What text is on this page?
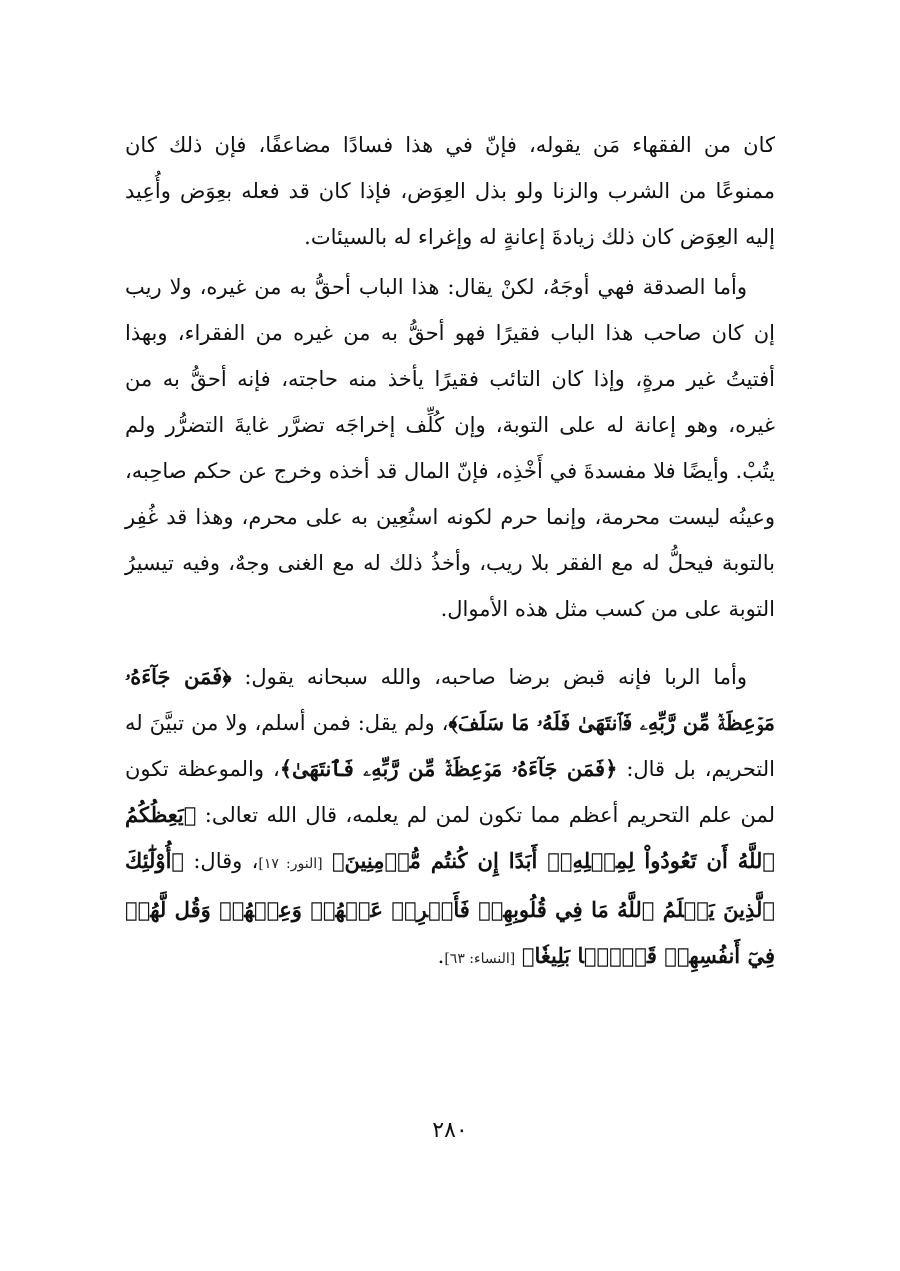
كان من الفقهاء مَن يقوله، فإنّ في هذا فسادًا مضاعفًا، فإن ذلك كان ممنوعًا من الشرب والزنا ولو بذل العِوَض، فإذا كان قد فعله بعِوَض وأُعِيد إليه العِوَض كان ذلك زيادةَ إعانةٍ له وإغراء له بالسيئات.

وأما الصدقة فهي أوجَهُ، لكنْ يقال: هذا الباب أحقُّ به من غيره، ولا ريب إن كان صاحب هذا الباب فقيرًا فهو أحقُّ به من غيره من الفقراء، وبهذا أفتيتُ غير مرةٍ، وإذا كان التائب فقيرًا يأخذ منه حاجته، فإنه أحقُّ به من غيره، وهو إعانة له على التوبة، وإن كُلِّف إخراجَه تضرَّر غايةَ التضرُّر ولم يتُبْ. وأيضًا فلا مفسدةَ في أَخْذِه، فإنّ المال قد أخذه وخرج عن حكم صاحِبه، وعينُه ليست محرمة، وإنما حرم لكونه استُعِين به على محرم، وهذا قد غُفِر بالتوبة فيحلُّ له مع الفقر بلا ريب، وأخذُ ذلك له مع الغنى وجهٌ، وفيه تيسيرُ التوبة على من كسب مثل هذه الأموال.

وأما الربا فإنه قبض برضا صاحبه، والله سبحانه يقول: ﴿فَمَن جَآءَهُۥ مَوۡعِظَةٞ مِّن رَّبِّهِۦ فَٱنتَهَىٰ فَلَهُۥ مَا سَلَفَ﴾، ولم يقل: فمن أسلم، ولا من تبيَّنَ له التحريم، بل قال: ﴿فَمَن جَآءَهُۥ مَوۡعِظَةٞ مِّن رَّبِّهِۦ فَٱنتَهَىٰ﴾، والموعظة تكون لمن علم التحريم أعظم مما تكون لمن لم يعلمه، قال الله تعالى: ﴿يَعِظُكُمُ ٱللَّهُ أَن تَعُودُواْ لِمِثۡلِهِۦٓ أَبَدًا إِن كُنتُم مُّؤۡمِنِينَ﴾ [النور: ١٧]، وقال: ﴿أُوْلَٰٓئِكَ ٱلَّذِينَ يَعۡلَمُ ٱللَّهُ مَا فِي قُلُوبِهِمۡ فَأَعۡرِضۡ عَنۡهُمۡ وَعِظۡهُمۡ وَقُل لَّهُمۡ فِيٓ أَنفُسِهِمۡ قَوۡلَۢا بَلِيغٗا﴾ [النساء: ٦٣].

٢٨٠
